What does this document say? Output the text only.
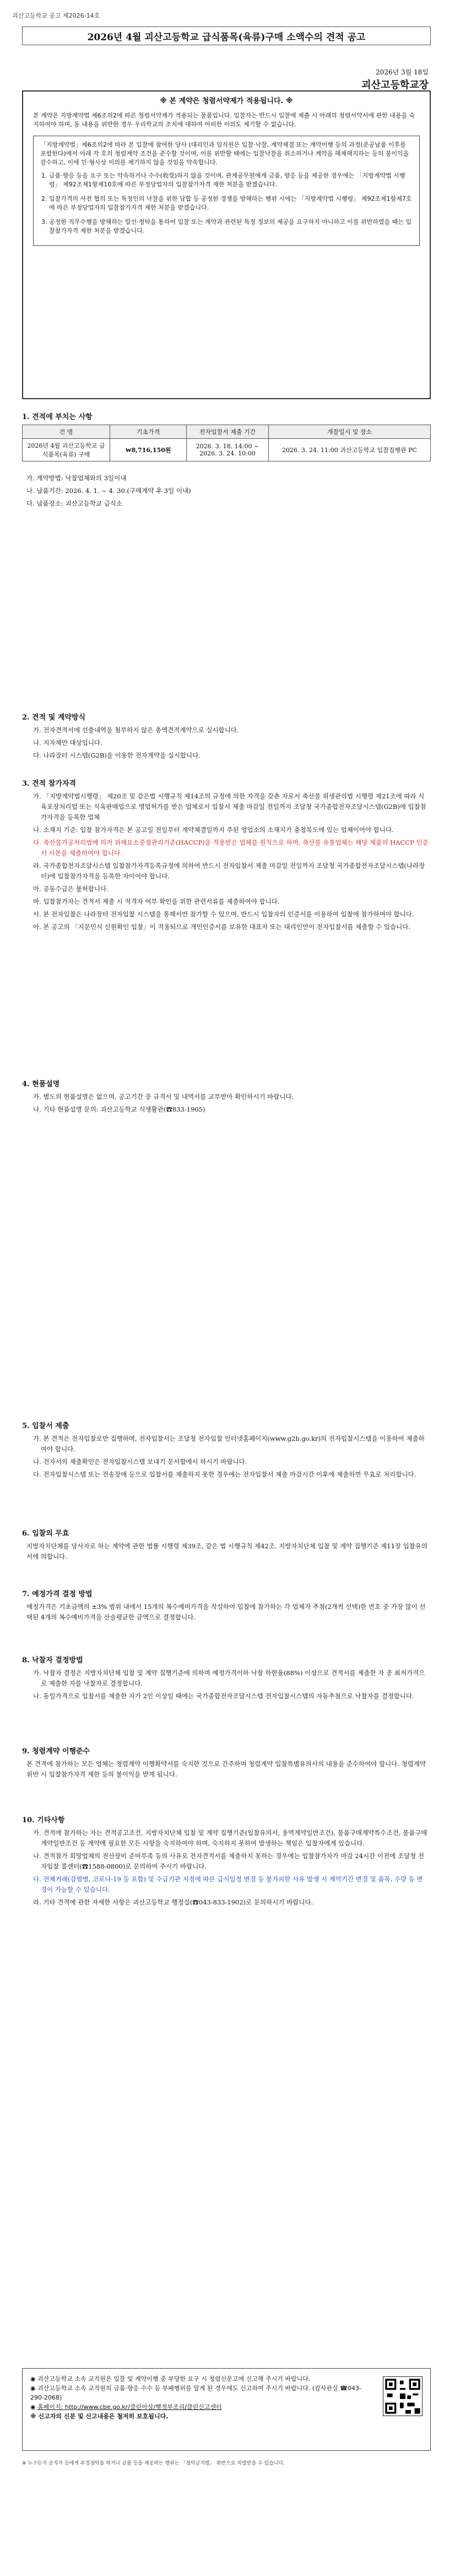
괴산고등학교 공고 제2026-14호
2026년 4월 괴산고등학교 급식품목(육류)구매 소액수의 견적 공고
2026년 3월 18일
괴산고등학교장
※ 본 계약은 청렴서약제가 적용됩니다. ※

본 계약은 지방계약법 제6조의2에 따른 청렴서약제가 적용되는 물품입니다. 입찰자는 반드시 입찰에 제출 시 아래의 청렴서약서에 관한 내용을 숙지하여야 하며, 동 내용을 위반한 경우 우리학교의 조치에 대하여 어떠한 이의도 제기할 수 없습니다.

「지방계약법」제6조의2에 따라 본 입찰에 참여한 당사 (대리인과 임직원은 입찰·낙찰, 계약체결 또는 계약이행 등의 과정(준공납품 이후를 포함한다)에서 아래 각 호의 청렴계약 조건을 준수할 것이며, 이를 위반할 때에는 입찰낙찰을 취소하거나 계약을 해제해지하는 등의 불이익을 감수하고, 이에 민·형사상 이의를 제기하지 않을 것임을 약속합니다.

1. 금품·향응 등을 요구 또는 약속하거나 수수(收受)하지 않을 것이며, 관계공무원에게 금품, 향응 등을 제공한 경우에는 「지방계약법 시행령」 제92조제1항제10호에 따른 부정당업자의 입찰참가자격 제한 처분을 받겠습니다.
2. 입찰가격의 사전 협의 또는 특정인의 낙찰을 위한 담합 등 공정한 경쟁을 방해하는 행위 시에는 「지방계약법 시행령」 제92조제1항제7호에 따른 부정당업자의 입찰참가자격 제한 처분을 받겠습니다.
3. 공정한 직무수행을 방해하는 알선·청탁을 통하여 입찰 또는 계약과 관련된 특정 정보의 제공을 요구하지 아니하고 이를 위반하였을 때는 입찰참가자격 제한 처분을 받겠습니다.
1. 견적에 부치는 사항
건 명	기초가격	전자입찰서 제출 기간	개찰일시 및 장소
2026년 4월 괴산고등학교 급식품목(육류) 구매	₩8,716,150원	2026. 3. 18. 14:00 ~ 2026. 3. 24. 10:00	2026. 3. 24. 11:00 괴산고등학교 입찰집행관 PC

가. 계약방법: 낙찰업체와의 3일이내

나. 납품기간: 2026. 4. 1. ~ 4. 30.(구매계약 후 3일 이내)

다. 납품장소: 괴산고등학교 급식소

2. 견적 및 계약방식

가. 전자견적서에 선출내역을 첨부하지 않은 총액견적계약으로 실시합니다.

나. 지자체만 대상입니다.

다. 나라장터 시스템(G2B)을 이용한 전자계약을 실시합니다.

3. 견적 참가자격

가. 「지방계약법시행령」 제20조 및 같은법 시행규칙 제14조의 규정에 의한 자격을 갖춘 자로서 축산물 위생관리법 시행령 제21조에 따라 식육포장처리업 또는 식육판매업으로 영업허가를 받은 업체로서 입찰서 제출 마감일 전일까지 조달청 국가종합전자조달시스템(G2B)에 입찰참가자격을 등록한 업체

나. 소재지 기준: 입찰 참가자격은 본 공고일 전일부터 계약체결일까지 주된 영업소의 소재지가 충청북도에 있는 업체이어야 합니다.

다. 축산물가공처리법에 의거 위해요소중점관리기준(HACCP)을 적용받은 업체를 원칙으로 하며, 축산물 유통업체는 해당 제품의 HACCP 인증서 사본을 제출하여야 합니다.

라. 국가종합전자조달시스템 입찰참가자격등록규정에 의하여 반드시 전자입찰서 제출 마감일 전일까지 조달청 국가종합전자조달시스템(나라장터)에 입찰참가자격을 등록한 자이어야 합니다.

마. 공동수급은 불허합니다.

바. 입찰참가자는 견적서 제출 시 적격자 여부 확인을 위한 관련서류를 제출하여야 합니다.

사. 본 전자입찰은 나라장터 전자입찰 시스템을 통해서만 참가할 수 있으며, 반드시 입찰자의 인증서를 이용하여 입찰에 참가하여야 합니다.

아. 본 공고의 「지문인식 신원확인 입찰」이 적용되므로 개인인증서를 보유한 대표자 또는 대리인만이 전자입찰서를 제출할 수 있습니다.

4. 현품설명

가. 별도의 현품설명은 없으며, 공고기간 중 규격서 및 내역서를 교부받아 확인하시기 바랍니다.

나. 기타 현품설명 문의: 괴산고등학교 식생활관(☎833-1905)

5. 입찰서 제출

가. 본 견적은 전자입찰로만 집행하며, 전자입찰서는 조달청 전자입찰 인터넷홈페이지(www.g2b.go.kr)의 전자입찰시스템을 이용하여 제출하여야 합니다.

나. 전자서의 제출확인은 전자입찰시스템 보내기 문서함에서 하시기 바랍니다.

다. 전자입찰시스템 또는 전송장애 등으로 입찰서를 제출하지 못한 경우에는 전자입찰서 제출 마감시간 이후에 제출하면 무효로 처리합니다.

6. 입찰의 무효

지방자치단체를 당사자로 하는 계약에 관한 법률 시행령 제39조, 같은 법 시행규칙 제42조, 지방자치단체 입찰 및 계약 집행기준 제11장 입찰유의서에 의합니다.

7. 예정가격 결정 방법

예정가격은 기초금액의 ±3% 범위 내에서 15개의 복수예비가격을 작성하여 입찰에 참가하는 각 업체가 추첨(2개씩 선택)한 번호 중 가장 많이 선택된 4개의 복수예비가격을 산술평균한 금액으로 결정합니다.

8. 낙찰자 결정방법

가. 낙찰자 결정은 지방자치단체 입찰 및 계약 집행기준에 의하며 예정가격이하 낙찰 하한율(88%) 이상으로 견적서를 제출한 자 중 최저가격으로 제출한 자를 낙찰자로 결정합니다.

나. 동일가격으로 입찰서를 제출한 자가 2인 이상일 때에는 국가종합전자조달시스템 전자입찰시스템의 자동추첨으로 낙찰자를 결정합니다.

9. 청렴계약 이행준수

본 견적에 참가하는 모든 업체는 청렴계약 이행확약서를 숙지한 것으로 간주하며 청렴계약 입찰특별유의서의 내용을 준수하여야 합니다. 청렴계약 위반 시 입찰참가자격 제한 등의 불이익을 받게 됩니다.

10. 기타사항

가. 견적에 참가하는 자는 견적공고조건, 지방자치단체 입찰 및 계약 집행기준(입찰유의서, 용역계약일반조건), 물품구매계약특수조건, 물품구매계약일반조건 등 계약에 필요한 모든 사항을 숙지하여야 하며, 숙지하지 못하여 발생하는 책임은 입찰자에게 있습니다.

나. 견적참가 희망업체의 전산장비 준비부족 등의 사유로 전자견적서를 제출하지 못하는 경우에는 입찰참가자가 마감 24시간 이전에 조달청 전자입찰 콜센터(☎1588-0800)로 문의하여 주시기 바랍니다.

다. 전체거래(감염병, 코로나-19 등 포함) 및 수급기관 지정에 따른 급식일정 변경 등 불가피한 사유 발생 시 계약기간 변경 및 품목, 수량 등 변경이 가능할 수 있습니다.

라. 기타 견적에 관한 자세한 사항은 괴산고등학교 행정실(☎043-833-1902)로 문의하시기 바랍니다.

◉ 괴산고등학교 소속 교직원은 입찰 및 계약이행 중 부당한 요구 시 청렴신문고에 신고해 주시기 바랍니다.
◉ 괴산고등학교 소속 교직원의 금품·향응 수수 등 부패행위를 알게 된 경우에도 신고하여 주시기 바랍니다. (감사관실 ☎043-290-2068)
◉ 홈페이지: http://www.cbe.go.kr/클린아상/행정부조리/클린신고센터
※ 신고자의 신분 및 신고내용은 철저히 보호됩니다.
※ 누구든지 공직자 등에게 부정청탁을 하거나 금품 등을 제공하는 행위는 「청탁금지법」 위반으로 처벌받을 수 있습니다.
